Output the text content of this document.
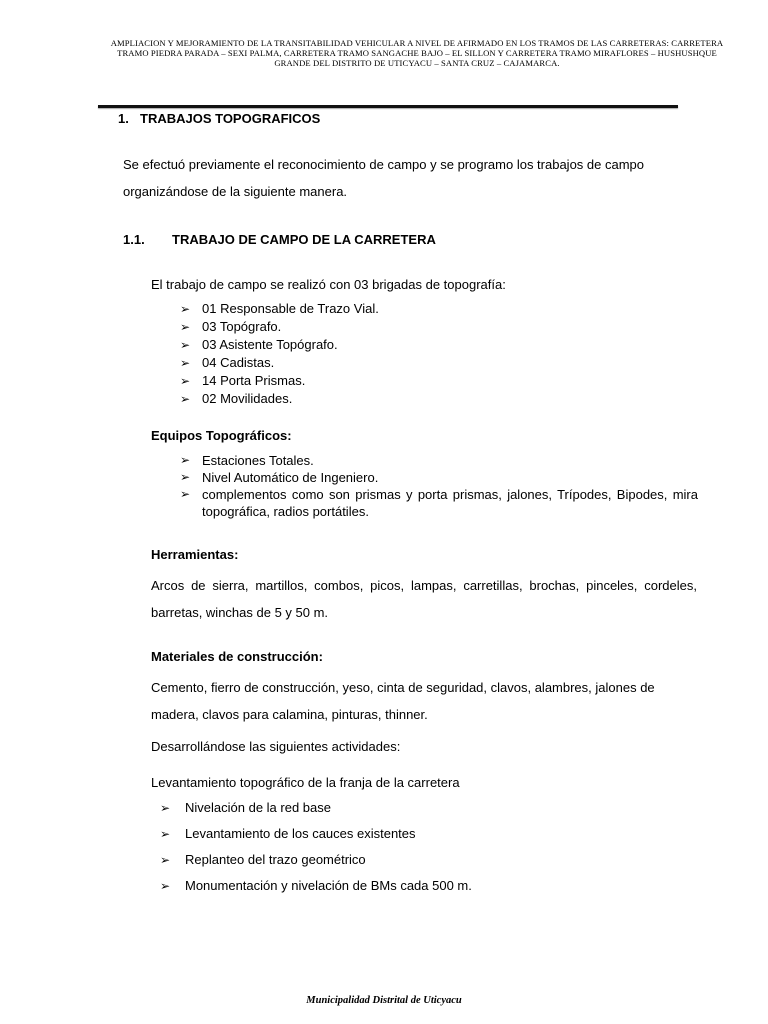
AMPLIACION Y MEJORAMIENTO DE LA TRANSITABILIDAD VEHICULAR A NIVEL DE AFIRMADO EN LOS TRAMOS DE LAS CARRETERAS: CARRETERA
TRAMO PIEDRA PARADA – SEXI PALMA, CARRETERA TRAMO SANGACHE BAJO – EL SILLON Y CARRETERA TRAMO MIRAFLORES – HUSHUSHQUE
GRANDE DEL DISTRITO DE UTICYACU – SANTA CRUZ – CAJAMARCA.
1. TRABAJOS TOPOGRAFICOS
Se efectuó previamente el reconocimiento de campo y se programo los trabajos de campo organizándose de la siguiente manera.
1.1. TRABAJO DE CAMPO DE LA CARRETERA
El trabajo de campo se realizó con 03 brigadas de topografía:
➢ 01 Responsable de Trazo Vial.
➢ 03 Topógrafo.
➢ 03 Asistente Topógrafo.
➢ 04 Cadistas.
➢ 14 Porta Prismas.
➢ 02 Movilidades.
Equipos Topográficos:
➢ Estaciones Totales.
➢ Nivel Automático de Ingeniero.
➢ complementos como son prismas y porta prismas, jalones, Trípodes, Bipodes, mira topográfica, radios portátiles.
Herramientas:
Arcos de sierra, martillos, combos, picos, lampas, carretillas, brochas, pinceles, cordeles, barretas, winchas de 5 y 50 m.
Materiales de construcción:
Cemento, fierro de construcción, yeso, cinta de seguridad, clavos, alambres, jalones de madera, clavos para calamina, pinturas, thinner.
Desarrollándose las siguientes actividades:
Levantamiento topográfico de la franja de la carretera
➢ Nivelación de la red base
➢ Levantamiento de los cauces existentes
➢ Replanteo del trazo geométrico
➢ Monumentación y nivelación de BMs cada 500 m.
Municipalidad Distrital de Uticyacu
